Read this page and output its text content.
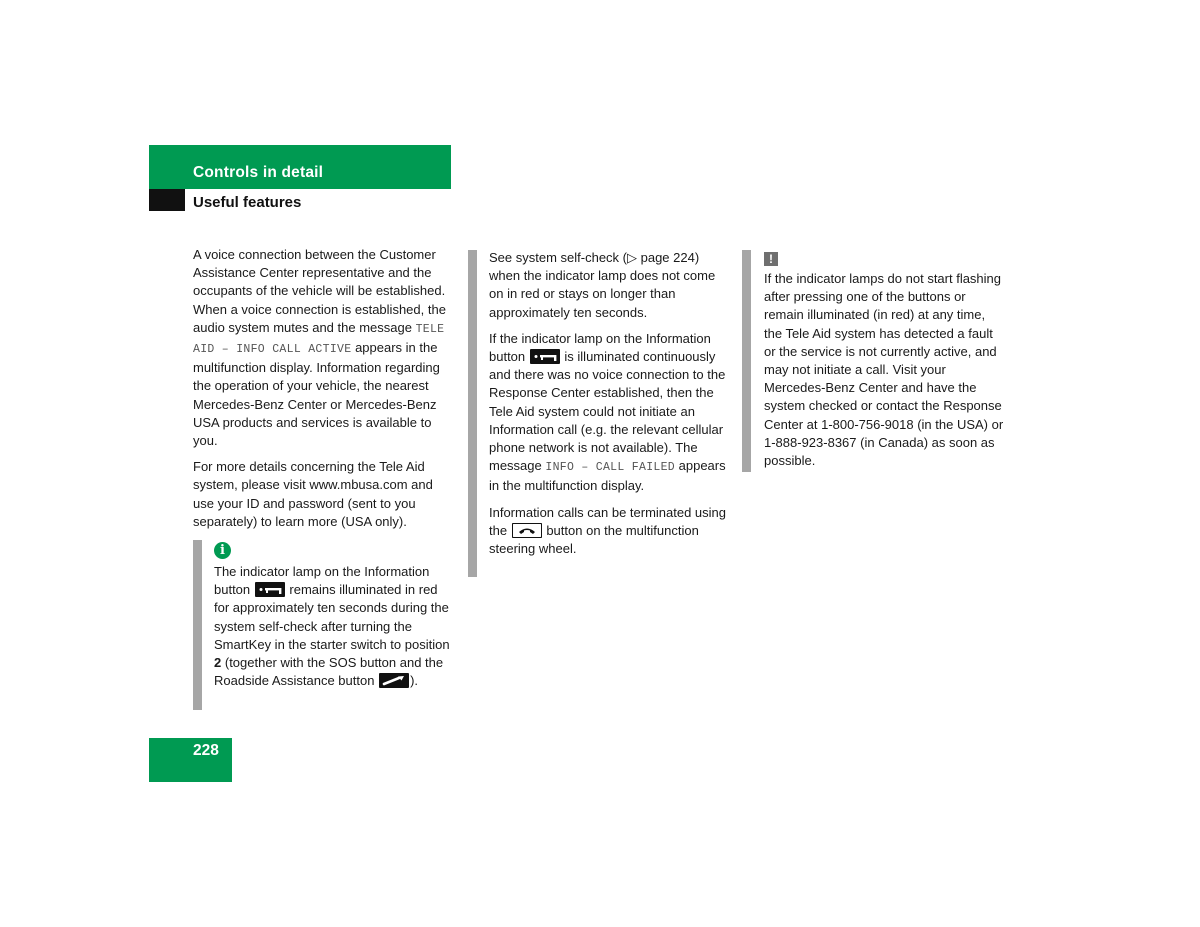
Controls in detail
Useful features

A voice connection between the Customer Assistance Center representative and the occupants of the vehicle will be established. When a voice connection is established, the audio system mutes and the message TELE AID – INFO CALL ACTIVE appears in the multifunction display. Information regarding the operation of your vehicle, the nearest Mercedes-Benz Center or Mercedes-Benz USA products and services is available to you.

For more details concerning the Tele Aid system, please visit www.mbusa.com and use your ID and password (sent to you separately) to learn more (USA only).

i

The indicator lamp on the Information button	remains illuminated in red for approximately ten seconds during the system self-check after turning the SmartKey in the starter switch to position 2 (together with the SOS button and the Roadside Assistance button	).

See system self-check (▷ page 224) when the indicator lamp does not come on in red or stays on longer than approximately ten seconds.

If the indicator lamp on the Information button	is illuminated continuously and there was no voice connection to the Response Center established, then the Tele Aid system could not initiate an Information call (e.g. the relevant cellular phone network is not available). The message INFO – CALL FAILED appears in the multifunction display.

Information calls can be terminated using the	button on the multifunction steering wheel.

!

If the indicator lamps do not start flashing after pressing one of the buttons or remain illuminated (in red) at any time, the Tele Aid system has detected a fault or the service is not currently active, and may not initiate a call. Visit your Mercedes-Benz Center and have the system checked or contact the Response Center at 1-800-756-9018 (in the USA) or 1-888-923-8367 (in Canada) as soon as possible.

228
